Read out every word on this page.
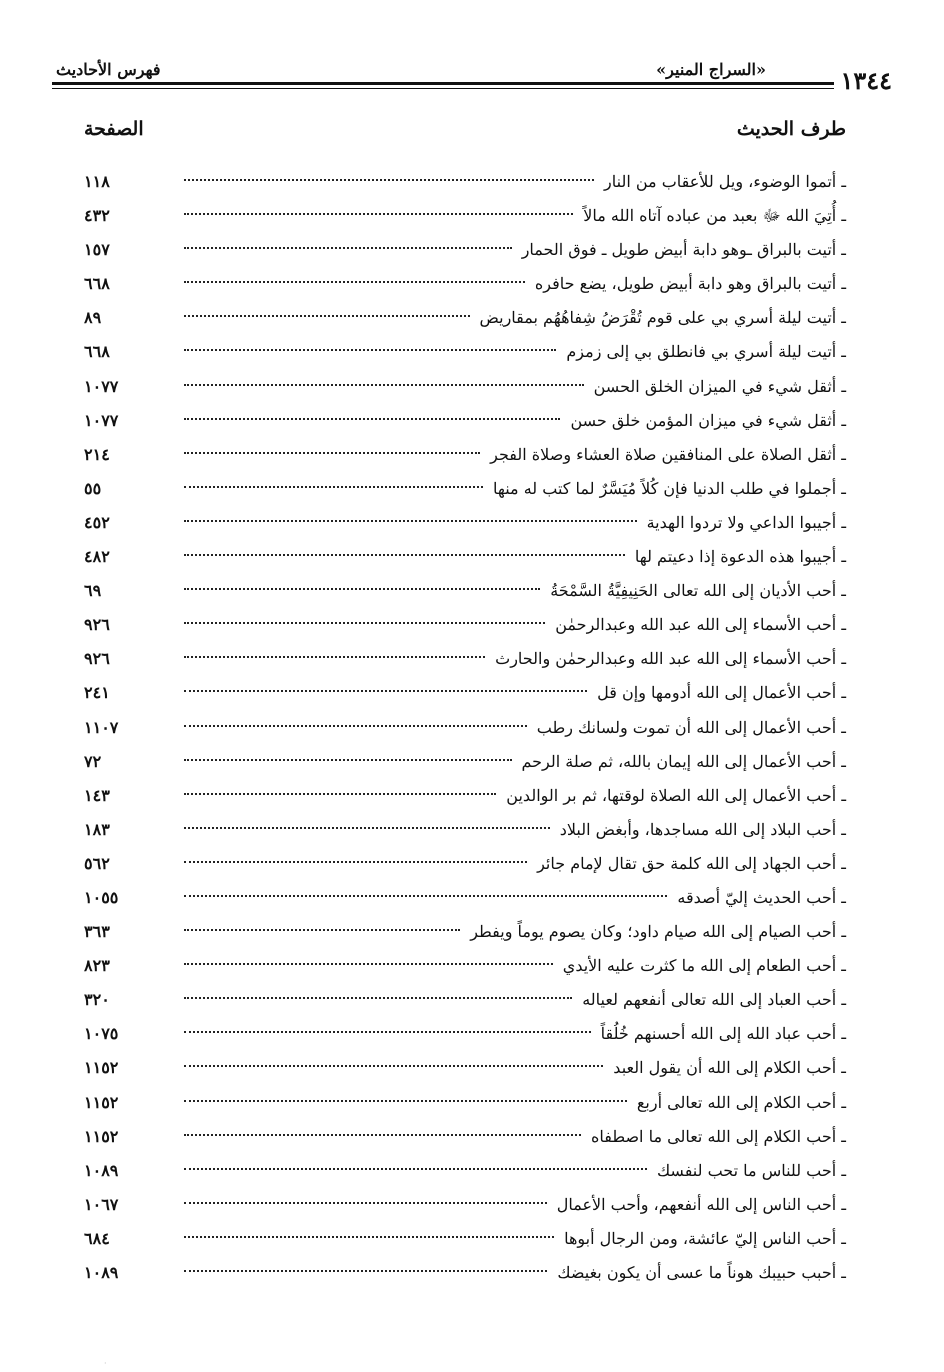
١٣٤٤
«السراج المنير»
فهرس الأحاديث
طرف الحديث
الصفحة
ـ أتموا الوضوء، ويل للأعقاب من النار
١١٨
ـ أُتِيَ الله ﷻ بعبد من عباده آتاه الله مالاً
٤٣٢
ـ أتيت بالبراق ـوهو دابة أبيض طويل ـ فوق الحمار
١٥٧
ـ أتيت بالبراق وهو دابة أبيض طويل، يضع حافره
٦٦٨
ـ أتيت ليلة أسري بي على قوم تُقْرَضُ شِفاهُهُم بمقاريض
٨٩
ـ أتيت ليلة أسري بي فانطلق بي إلى زمزم
٦٦٨
ـ أثقل شيء في الميزان الخلق الحسن
١٠٧٧
ـ أثقل شيء في ميزان المؤمن خلق حسن
١٠٧٧
ـ أثقل الصلاة على المنافقين صلاة العشاء وصلاة الفجر
٢١٤
ـ أجملوا في طلب الدنيا فإن كُلاً مُيَسَّرٌ لما كتب له منها
٥٥
ـ أجيبوا الداعي ولا تردوا الهدية
٤٥٢
ـ أجيبوا هذه الدعوة إذا دعيتم لها
٤٨٢
ـ أحب الأديان إلى الله تعالى الحَنِيفِيَّةُ السَّمْحَةُ
٦٩
ـ أحب الأسماء إلى الله عبد الله وعبدالرحمٰن
٩٢٦
ـ أحب الأسماء إلى الله عبد الله وعبدالرحمٰن والحارث
٩٢٦
ـ أحب الأعمال إلى الله أدومها وإن قل
٢٤١
ـ أحب الأعمال إلى الله أن تموت ولسانك رطب
١١٠٧
ـ أحب الأعمال إلى الله إيمان بالله، ثم صلة الرحم
٧٢
ـ أحب الأعمال إلى الله الصلاة لوقتها، ثم بر الوالدين
١٤٣
ـ أحب البلاد إلى الله مساجدها، وأبغض البلاد
١٨٣
ـ أحب الجهاد إلى الله كلمة حق تقال لإمام جائر
٥٦٢
ـ أحب الحديث إليّ أصدقه
١٠٥٥
ـ أحب الصيام إلى الله صيام داود؛ وكان يصوم يوماً ويفطر
٣٦٣
ـ أحب الطعام إلى الله ما كثرت عليه الأيدي
٨٢٣
ـ أحب العباد إلى الله تعالى أنفعهم لعياله
٣٢٠
ـ أحب عباد الله إلى الله أحسنهم خُلُقاً
١٠٧٥
ـ أحب الكلام إلى الله أن يقول العبد
١١٥٢
ـ أحب الكلام إلى الله تعالى أربع
١١٥٢
ـ أحب الكلام إلى الله تعالى ما اصطفاه
١١٥٢
ـ أحب للناس ما تحب لنفسك
١٠٨٩
ـ أحب الناس إلى الله أنفعهم، وأحب الأعمال
١٠٦٧
ـ أحب الناس إليّ عائشة، ومن الرجال أبوها
٦٨٤
ـ أحبب حبيبك هوناً ما عسى أن يكون بغيضك
١٠٨٩
·
